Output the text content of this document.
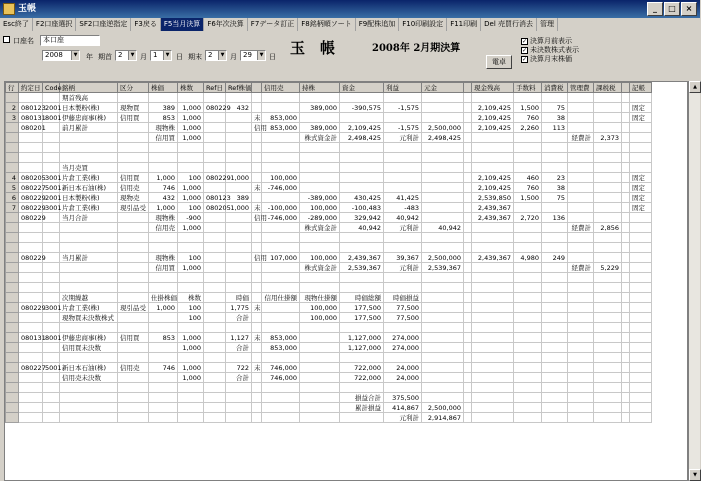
玉帳	_	□	×
Esc終了	F2口座選択	SF2口座逆指定	F3戻る	F5当月決算	F6年次決算	F7データ訂正	F8銘柄順ソート	F9配株追加	F10印刷設定	F11印刷	Del 売買行消去	管理
口座名	本口座
2008	▼ 年 期首 2	▼ 月 1	▼ 日 期末 2	▼ 月 29	▼ 日 玉　帳	2008年 2月期決算
電卓
✓ 決算月前表示
✓ 未決数株式表示
✓ 決算月末株価
行	約定日	Code	銘柄	区分	株価	株数	Ref日	Ref株価		信用売	持株	資金	利益	元金		現金残高	手数料	消費税	管理費	課税税		記帳
			期首残高																			
2	080123	2001	日本製粉(株)	現物買	389	1,000	080229	432			389,000	-390,575	-1,575			2,109,425	1,500	75				固定
3	080131	8001	伊藤忠商事(株)	信用買	853	1,000			未	853,000						2,109,425	760	38				固定
	080201		前月累計		現物株	1,000			信用	853,000	389,000	2,109,425	-1,575	2,500,000		2,109,425	2,260	113				
					信用買	1,000					株式資金計	2,498,425	元利計	2,498,425					経費計	2,373		

			当月売買																			
4	080205	3001	片倉工業(株)	信用買	1,000	100	080229	1,000		100,000						2,109,425	460	23				固定
5	080227	5001	新日本石油(株)	信用売	746	1,000			未	-746,000						2,109,425	760	38				固定
6	080229	2001	日本製粉(株)	現物売	432	1,000	080123	389			-389,000	430,425	41,425			2,539,850	1,500	75				固定
7	080229	3001	片倉工業(株)	現引品受	1,000	100	080205	1,000	未	-100,000	100,000	-100,483	-483			2,439,367						固定
	080229		当月合計		現物株	-900			信用	-746,000	-289,000	329,942	40,942			2,439,367	2,720	136				
					信用売	1,000					株式資金計	40,942	元利計	40,942					経費計	2,856		

	080229		当月累計		現物株	100			信用	107,000	100,000	2,439,367	39,367	2,500,000		2,439,367	4,980	249				
					信用買	1,000					株式資金計	2,539,367	元利計	2,539,367					経費計	5,229		

			次期繰越		仕掛株価	株数		時価		信用仕掛額	現物仕掛額	時価総額	時価損益									
	080229	3001	片倉工業(株)	現引品受	1,000	100		1,775	未		100,000	177,500	77,500									
			現物買未決数株式			100		合計			100,000	177,500	77,500									

	080131	8001	伊藤忠商事(株)	信用買	853	1,000		1,127	未	853,000		1,127,000	274,000									
			信用買未決数			1,000		合計		853,000		1,127,000	274,000									

	080227	5001	新日本石油(株)	信用売	746	1,000		722	未	746,000		722,000	24,000									
			信用売未決数			1,000		合計		746,000		722,000	24,000									

												損益合計	375,500									
												累計損益	414,867	2,500,000								
													元利計	2,914,867								
▲
▼
